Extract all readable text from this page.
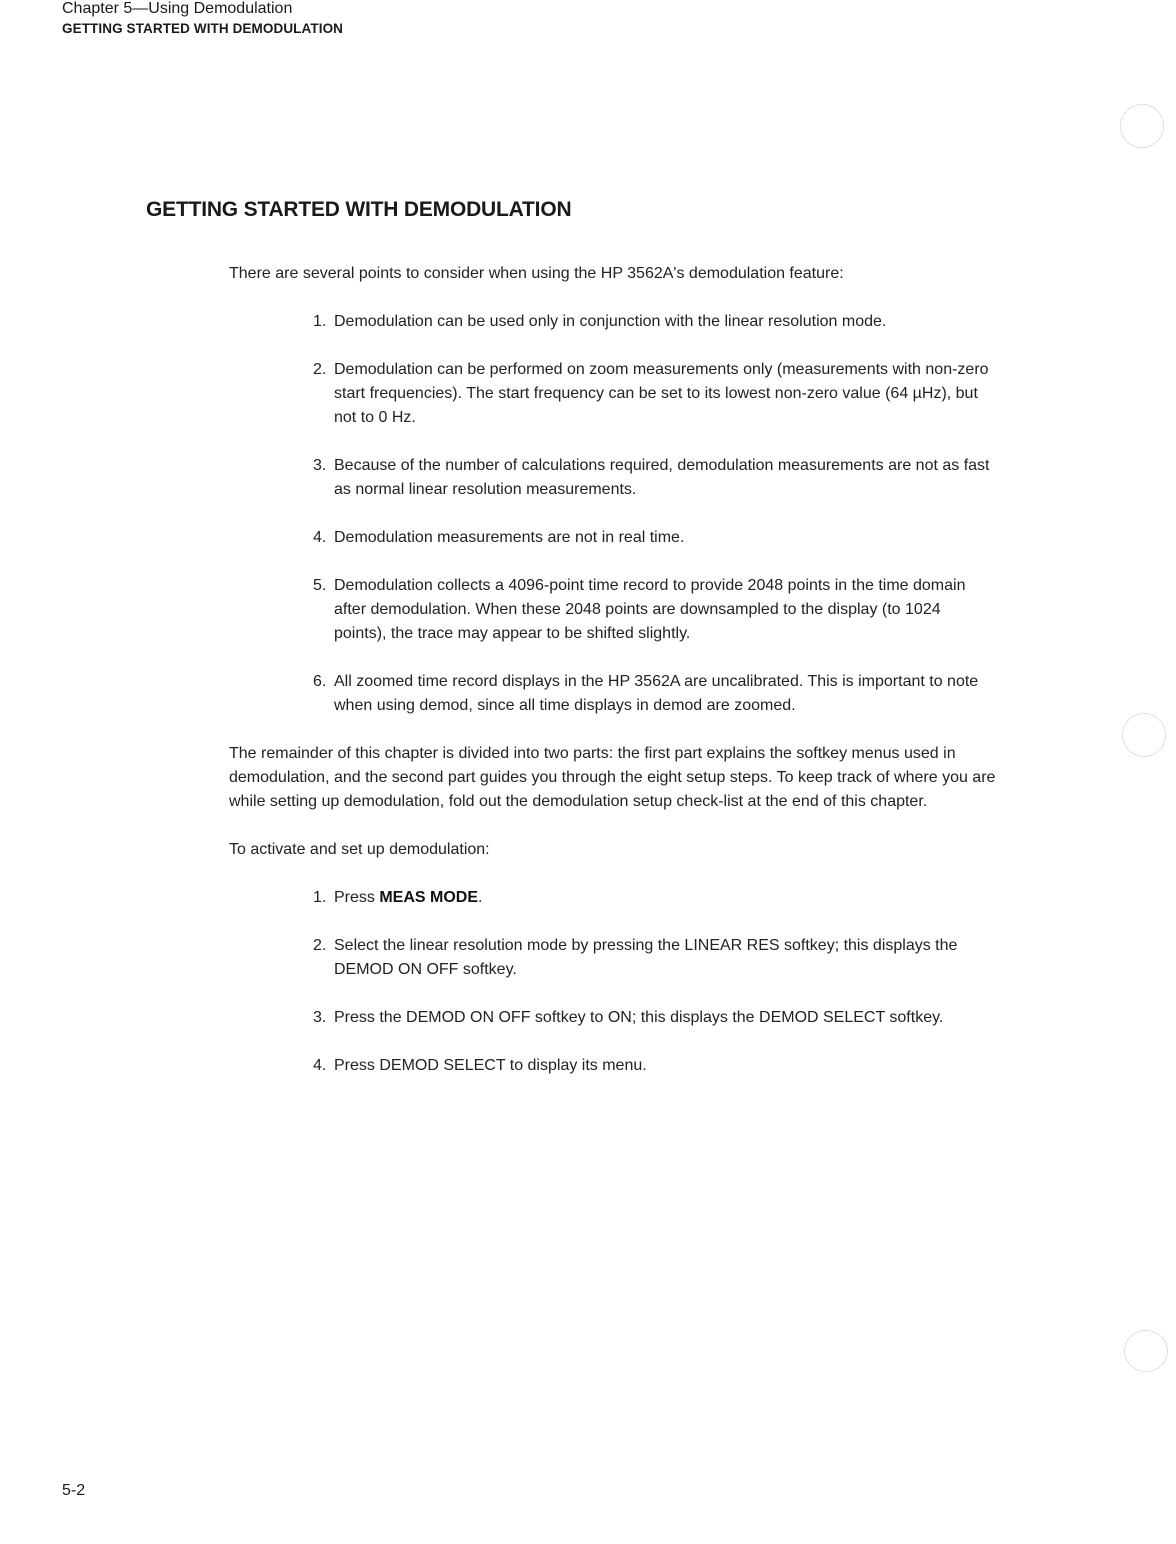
Chapter 5—Using Demodulation
GETTING STARTED WITH DEMODULATION
GETTING STARTED WITH DEMODULATION

There are several points to consider when using the HP 3562A's demodulation feature:

1. Demodulation can be used only in conjunction with the linear resolution mode.
2. Demodulation can be performed on zoom measurements only (measurements with non-zero start frequencies). The start frequency can be set to its lowest non-zero value (64 µHz), but not to 0 Hz.
3. Because of the number of calculations required, demodulation measurements are not as fast as normal linear resolution measurements.
4. Demodulation measurements are not in real time.
5. Demodulation collects a 4096-point time record to provide 2048 points in the time domain after demodulation. When these 2048 points are downsampled to the display (to 1024 points), the trace may appear to be shifted slightly.
6. All zoomed time record displays in the HP 3562A are uncalibrated. This is important to note when using demod, since all time displays in demod are zoomed.

The remainder of this chapter is divided into two parts: the first part explains the softkey menus used in demodulation, and the second part guides you through the eight setup steps. To keep track of where you are while setting up demodulation, fold out the demodulation setup check-list at the end of this chapter.

To activate and set up demodulation:

1. Press MEAS MODE.
2. Select the linear resolution mode by pressing the LINEAR RES softkey; this displays the DEMOD ON OFF softkey.
3. Press the DEMOD ON OFF softkey to ON; this displays the DEMOD SELECT softkey.
4. Press DEMOD SELECT to display its menu.
5-2
